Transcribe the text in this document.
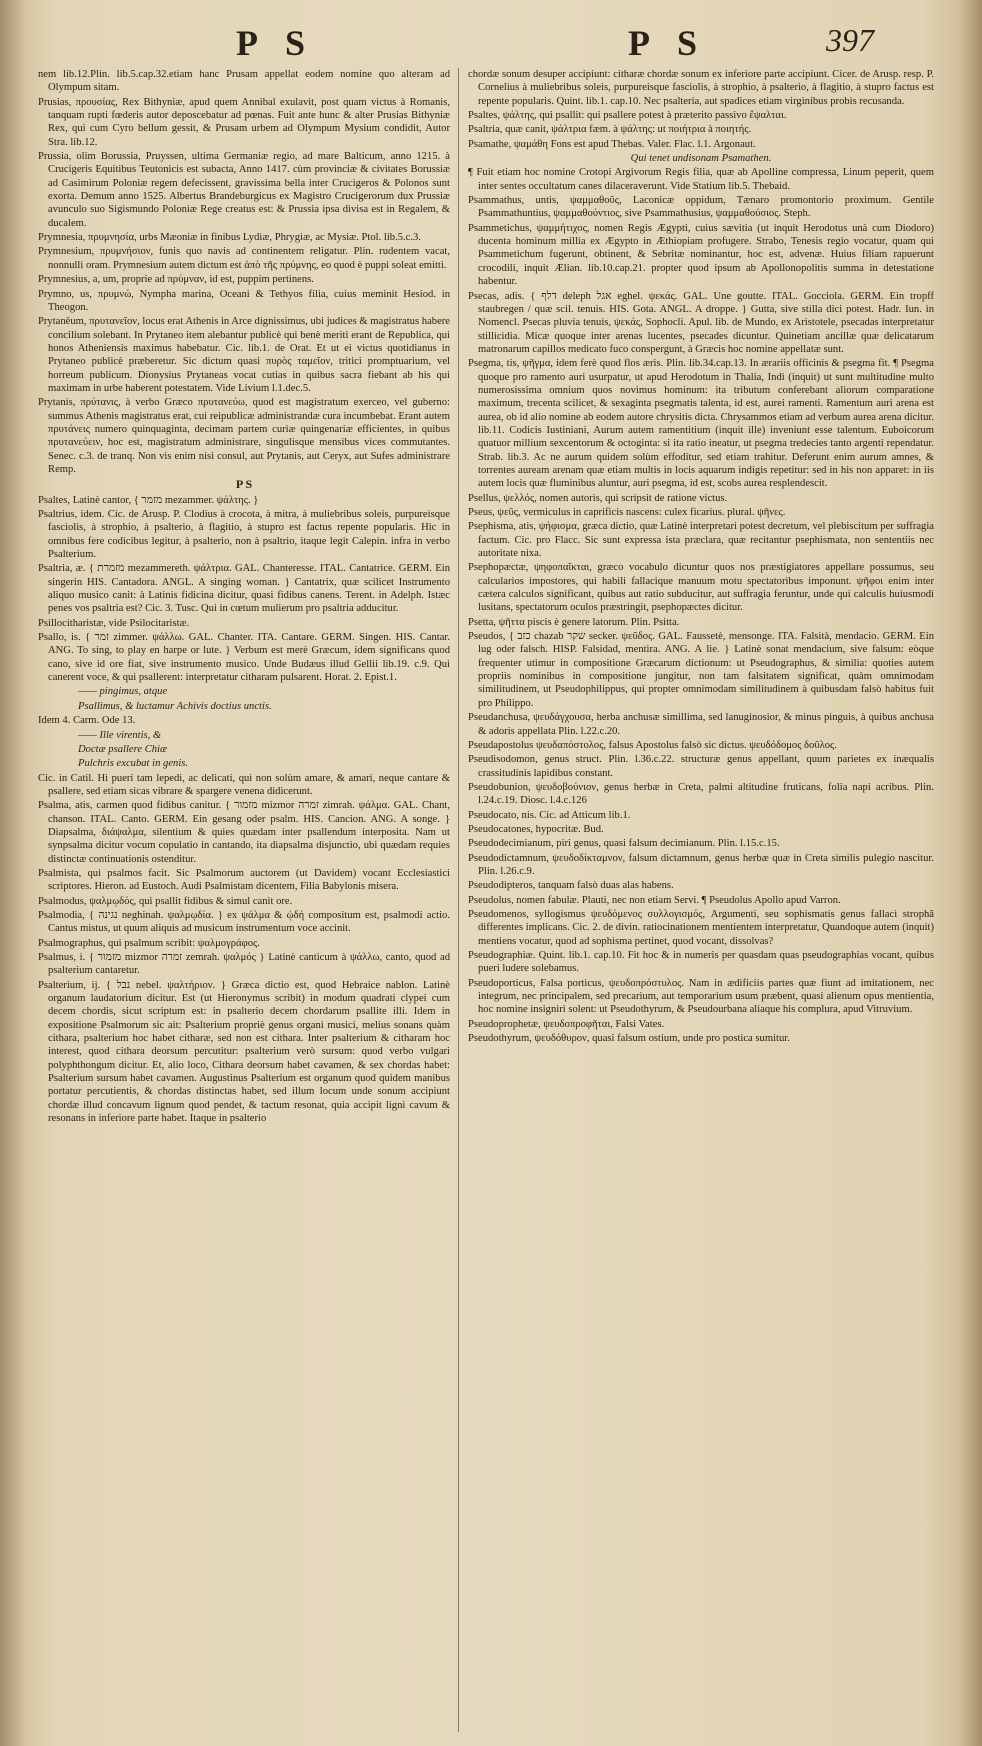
P S	P S	397

nem lib.12.Plin. lib.5.cap.32.etiam hanc Prusam appellat eodem nomine quo alteram ad Olympum sitam.

Prusias, προυσίας, Rex Bithyniæ, apud quem Annibal exulavit, post quam victus à Romanis, tanquam rupti fœderis autor deposcebatur ad pœnas. Fuit ante hunc & alter Prusias Bithyniæ Rex, qui cum Cyro bellum gessit, & Prusam urbem ad Olympum Mysium condidit, Autor Stra. lib.12.

Prussia, olim Borussia, Pruyssen, ultima Germaniæ regio, ad mare Balticum, anno 1215. à Crucigeris Equitibus Teutonicis est subacta, Anno 1417. cùm provinciæ & civitates Borussiæ ad Casimirum Poloniæ regem defecissent, gravissima bella inter Crucigeros & Polonos sunt exorta. Demum anno 1525. Albertus Brandeburgicus ex Magistro Crucigerorum dux Prussiæ avunculo suo Sigismundo Poloniæ Rege creatus est: & Prussia ipsa divisa est in Regalem, & ducalem.

Prymnesia, πρυμνησία, urbs Mæoniæ in finibus Lydiæ, Phrygiæ, ac Mysiæ. Ptol. lib.5.c.3.

Prymnesium, πρυμνήσιον, funis quo navis ad continentem religatur. Plin. rudentem vacat, nonnulli oram. Prymnesium autem dictum est ἀπὸ τῆς πρύμνης, eo quod è puppi soleat emitti.

Prymnesius, a, um, proprie ad πρύμναν, id est, puppim pertinens.

Prymno, us, πρυμνώ, Nympha marina, Oceani & Tethyos filia, cuius meminit Hesiod. in Theogon.

Prytanēum, πρυτανεῖον, locus erat Athenis in Arce dignissimus, ubi judices & magistratus habere concilium solebant. In Prytaneo item alebantur publicè qui benè meriti erant de Republica, qui honos Atheniensis maximus habebatur. Cic. lib.1. de Orat. Et ut ei victus quotidianus in Prytaneo publicè præberetur. Sic dictum quasi πυρὸς ταμεῖον, tritici promptuarium, vel horreum publicum. Dionysius Prytaneas vocat cutias in quibus sacra fiebant ab his qui maximam in urbe haberent potestatem. Vide Livium l.1.dec.5.

Prytanis, πρύτανις, à verbo Græco πρυτανεύω, quod est magistratum exerceo, vel guberno: summus Athenis magistratus erat, cui reipublicæ administrandæ cura incumbebat. Erant autem πρυτάνεις numero quinquaginta, decimam partem curiæ quingenariæ efficientes, in quibus πρυτανεύειν, hoc est, magistratum administrare, singulisque mensibus vices commutantes. Senec. c.3. de tranq. Non vis enim nisi consul, aut Prytanis, aut Ceryx, aut Sufes administrare Remp.

P S

Psaltes, Latinè cantor, { מזמר mezammer. ψάλτης. }

Psaltrius, idem. Cic. de Arusp. P. Clodius à crocota, à mitra, à muliebribus soleis, purpureisque fasciolis, à strophio, à psalterio, à flagitio, à stupro est factus repente popularis. Hic in omnibus fere codicibus legitur, à psalterio, non à psaltrio, itaque legit Calepin. infra in verbo Psalterium.

Psaltria, æ. { מזמרת mezammereth. ψάλτρια. GAL. Chanteresse. ITAL. Cantatrice. GERM. Ein singerin HIS. Cantadora. ANGL. A singing woman. } Cantatrix, quæ scilicet Instrumento aliquo musico canit: à Latinis fidicina dicitur, quasi fidibus canens. Terent. in Adelph. Istæc penes vos psaltria est? Cic. 3. Tusc. Qui in cœtum mulierum pro psaltria adducitur.

Psillocitharistæ, vide Psilocitaristæ.

Psallo, is. { זמר zimmer. ψάλλω. GAL. Chanter. ITA. Cantare. GERM. Singen. HIS. Cantar. ANG. To sing, to play en harpe or lute. } Verbum est merè Græcum, idem significans quod cano, sive id ore fiat, sive instrumento musico. Unde Budæus illud Gellii lib.19. c.9. Qui canerent voce, & qui psallerent: interpretatur citharam pulsarent. Horat. 2. Epist.1.

—— pingimus, atque

Psallimus, & luctamur Achivis doctius unctis.

Idem 4. Carm. Ode 13.

—— Ille virentis, &

Doctæ psallere Chiæ

Pulchris excubat in genis.

Cic. in Catil. Hi pueri tam lepedi, ac delicati, qui non solùm amare, & amari, neque cantare & psallere, sed etiam sicas vibrare & spargere venena didicerunt.

Psalma, atis, carmen quod fidibus canitur. { מזמור mizmor זמרה zimrah. ψάλμα. GAL. Chant, chanson. ITAL. Canto. GERM. Ein gesang oder psalm. HIS. Cancion. ANG. A songe. } Diapsalma, διάψαλμα, silentium & quies quædam inter psallendum interposita. Nam ut synpsalma dicitur vocum copulatio in cantando, ita diapsalma disjunctio, ubi quædam requies distinctæ continuationis ostenditur.

Psalmista, qui psalmos facit. Sic Psalmorum auctorem (ut Davidem) vocant Ecclesiastici scriptores. Hieron. ad Eustoch. Audi Psalmistam dicentem, Filia Babylonis misera.

Psalmodus, ψαλμῳδός, qui psallit fidibus & simul canit ore.

Psalmodia, { נגינה neghinah. ψαλμῳδία. } ex ψάλμα & ᾠδή compositum est, psalmodi actio. Cantus mistus, ut quum aliquis ad musicum instrumentum voce accinit.

Psalmographus, qui psalmum scribit: ψαλμογράφος.

Psalmus, i. { מזמור mizmor זמרה zemrah. ψαλμός } Latinè canticum à ψάλλω, canto, quod ad psalterium cantaretur.

Psalterium, ij. { נבל nebel. ψαλτήριον. } Græca dictio est, quod Hebraice nablon. Latinè organum laudatorium dicitur. Est (ut Hieronymus scribit) in modum quadrati clypei cum decem chordis, sicut scriptum est: in psalterio decem chordarum psallite illi. Idem in expositione Psalmorum sic ait: Psalterium propriè genus organi musici, melius sonans quàm cithara, psalterium hoc habet citharæ, sed non est cithara. Inter psalterium & citharam hoc interest, quod cithara deorsum percutitur: psalterium verò sursum: quod verbo vulgari polyphthongum dicitur. Et, alio loco, Cithara deorsum habet cavamen, & sex chordas habet: Psalterium sursum habet cavamen. Augustinus Psalterium est organum quod quidem manibus portatur percutientis, & chordas distinctas habet, sed illum locum unde sonum accipiunt chordæ illud concavum lignum quod pendet, & tactum resonat, quia accipit ligni cavum & resonans in inferiore parte habet. Itaque in psalterio

chordæ sonum desuper accipiunt: citharæ chordæ sonum ex inferiore parte accipiunt. Cicer. de Arusp. resp. P. Cornelius à muliebribus soleis, purpureisque fasciolis, à strophio, à psalterio, à flagitio, à stupro factus est repente popularis. Quint. lib.1. cap.10. Nec psalteria, aut spadices etiam virginibus probis recusanda.

Psaltes, ψάλτης, qui psallit: qui psallere potest à præterito passivo ἔψαλται.

Psaltria, quæ canit, ψάλτρια fæm. à ψάλτης: ut ποιήτρια à ποιητής.

Psamathe, ψαμάθη Fons est apud Thebas. Valer. Flac. l.1. Argonaut.

Qui tenet undisonam Psamathen.

¶ Fuit etiam hoc nomine Crotopi Argivorum Regis filia, quæ ab Apolline compressa, Linum peperit, quem inter sentes occultatum canes dilaceraverunt. Vide Statium lib.5. Thebaid.

Psammathus, untis, ψαμμαθοῦς, Laconicæ oppidum, Tænaro promontorio proximum. Gentile Psammathuntius, ψαμμαθούντιος, sive Psammathusius, ψαμμαθούσιος. Steph.

Psammetichus, ψαμμήτιχος, nomen Regis Ægypti, cuius sævitia (ut inquit Herodotus unà cum Diodoro) ducenta hominum millia ex Ægypto in Æthiopiam profugere. Strabo, Tenesis regio vocatur, quam qui Psammetichum fugerunt, obtinent, & Sebritæ nominantur, hoc est, advenæ. Huius filiam rapuerunt crocodili, inquit Ælian. lib.10.cap.21. propter quod ipsum ab Apollonopolitis summa in detestatione habentur.

Psecas, adis. { דלף deleph אגל eghel. ψεκάς. GAL. Une goutte. ITAL. Gocciola. GERM. Ein tropff staubregen / quæ scil. tenuis. HIS. Gota. ANGL. A droppe. } Gutta, sive stilla dici potest. Hadr. Iun. in Nomencl. Psecas pluvia tenuis, ψεκάς, Sophocli. Apul. lib. de Mundo, ex Aristotele, psecadas interpretatur stillicidia. Micæ quoque inter arenas lucentes, psecades dicuntur. Quinetiam ancillæ quæ delicatarum matronarum capillos medicato fuco conspergunt, à Græcis hoc nomine appellatæ sunt.

Psegma, tis, ψῆγμα, idem ferè quod flos æris. Plin. lib.34.cap.13. In ærariis officinis & psegma fit. ¶ Psegma quoque pro ramento auri usurpatur, ut apud Herodotum in Thalia, Indi (inquit) ut sunt multitudine multo numerosissima omnium quos novimus hominum: ita tributum conferebant aliorum comparatione maximum, trecenta scilicet, & sexaginta psegmatis talenta, id est, aurei ramenti. Ramentum auri arena est aurea, ob id alio nomine ab eodem autore chrysitis dicta. Chrysammos etiam ad verbum aurea arena dicitur. lib.11. Codicis Iustiniani, Aurum autem ramentitium (inquit ille) inveniunt esse talentum. Euboicorum quatuor millium sexcentorum & octoginta: si ita ratio ineatur, ut psegma tredecies tanto argenti rependatur. Strab. lib.3. Ac ne aurum quidem solùm effoditur, sed etiam trahitur. Deferunt enim aurum amnes, & torrentes auream arenam quæ etiam multis in locis aquarum indigis repetitur: sed in his non apparet: in iis autem locis quæ fluminibus aluntur, auri psegma, id est, scobs aurea resplendescit.

Psellus, ψελλός, nomen autoris, qui scripsit de ratione victus.

Pseus, ψεῦς, vermiculus in caprificis nascens: culex ficarius. plural. ψῆνες.

Psephisma, atis, ψήφισμα, græca dictio, quæ Latinè interpretari potest decretum, vel plebiscitum per suffragia factum. Cic. pro Flacc. Sic sunt expressa ista præclara, quæ recitantur psephismata, non sententiis nec autoritate nixa.

Psephopæctæ, ψηφοπαῖκται, græco vocabulo dicuntur quos nos præstigiatores appellare possumus, seu calcularios impostores, qui habili fallacique manuum motu spectatoribus imponunt. ψῆφοι enim inter cætera calculos significant, quibus aut ratio subducitur, aut suffragia feruntur, unde qui calculis huiusmodi lusitans, spectatorum oculos præstringit, psephopæctes dicitur.

Psetta, ψῆττα piscis è genere latorum. Plin. Psitta.

Pseudos, { כזב chazab שקר secker. ψεῦδος. GAL. Faussetè, mensonge. ITA. Falsità, mendacio. GERM. Ein lug oder falsch. HISP. Falsidad, mentira. ANG. A lie. } Latinè sonat mendacium, sive falsum: eòque frequenter utimur in compositione Græcarum dictionum: ut Pseudographus, & similia: quoties autem propriis nominibus in compositione jungitur, non tam falsitatem significat, quàm omnimodam similitudinem, ut Pseudophilippus, qui propter omnimodam similitudinem à quibusdam falsò habitus fuit pro Philippo.

Pseudanchusa, ψευδάγχουσα, herba anchusæ simillima, sed lanuginosior, & minus pinguis, à quibus anchusa & adoris appellata Plin. l.22.c.20.

Pseudapostolus ψευδαπόστολος, falsus Apostolus falsò sic dictus. ψευδόδομος δοῦλος.

Pseudisodomon, genus struct. Plin. l.36.c.22. structuræ genus appellant, quum parietes ex inæqualis crassitudinis lapidibus constant.

Pseudobunion, ψευδοβούνιον, genus herbæ in Creta, palmi altitudine fruticans, folia napi acribus. Plin. l.24.c.19. Diosc. l.4.c.126

Pseudocato, nis. Cic. ad Atticum lib.1.

Pseudocatones, hypocritæ. Bud.

Pseudodecimianum, piri genus, quasi falsum decimianum. Plin. l.15.c.15.

Pseudodictamnum, ψευδοδίκταμνον, falsum dictamnum, genus herbæ quæ in Creta similis pulegio nascitur. Plin. l.26.c.9.

Pseudodipteros, tanquam falsò duas alas habens.

Pseudolus, nomen fabulæ. Plauti, nec non etiam Servi. ¶ Pseudolus Apollo apud Varron.

Pseudomenos, syllogismus ψευδόμενος συλλογισμός, Argumenti, seu sophismatis genus fallaci strophâ differentes implicans. Cic. 2. de divin. ratiocinationem mentientem interpretatur, Quandoque autem (inquit) mentiens vocatur, quod ad sophisma pertinet, quod vocant, dissolvas?

Pseudographiæ. Quint. lib.1. cap.10. Fit hoc & in numeris per quasdam quas pseudographias vocant, quibus pueri ludere solebamus.

Pseudoporticus, Falsa porticus, ψευδοπρόστυλος. Nam in ædificiis partes quæ fiunt ad imitationem, nec integrum, nec principalem, sed precarium, aut temporarium usum præbent, quasi alienum opus mentientia, hoc nomine insigniri solent: ut Pseudothyrum, & Pseudourbana aliaque his complura, apud Vitruvium.

Pseudoprophetæ, ψευδοπροφῆται, Falsi Vates.

Pseudothyrum, ψευδόθυρον, quasi falsum ostium, unde pro postica sumitur.
